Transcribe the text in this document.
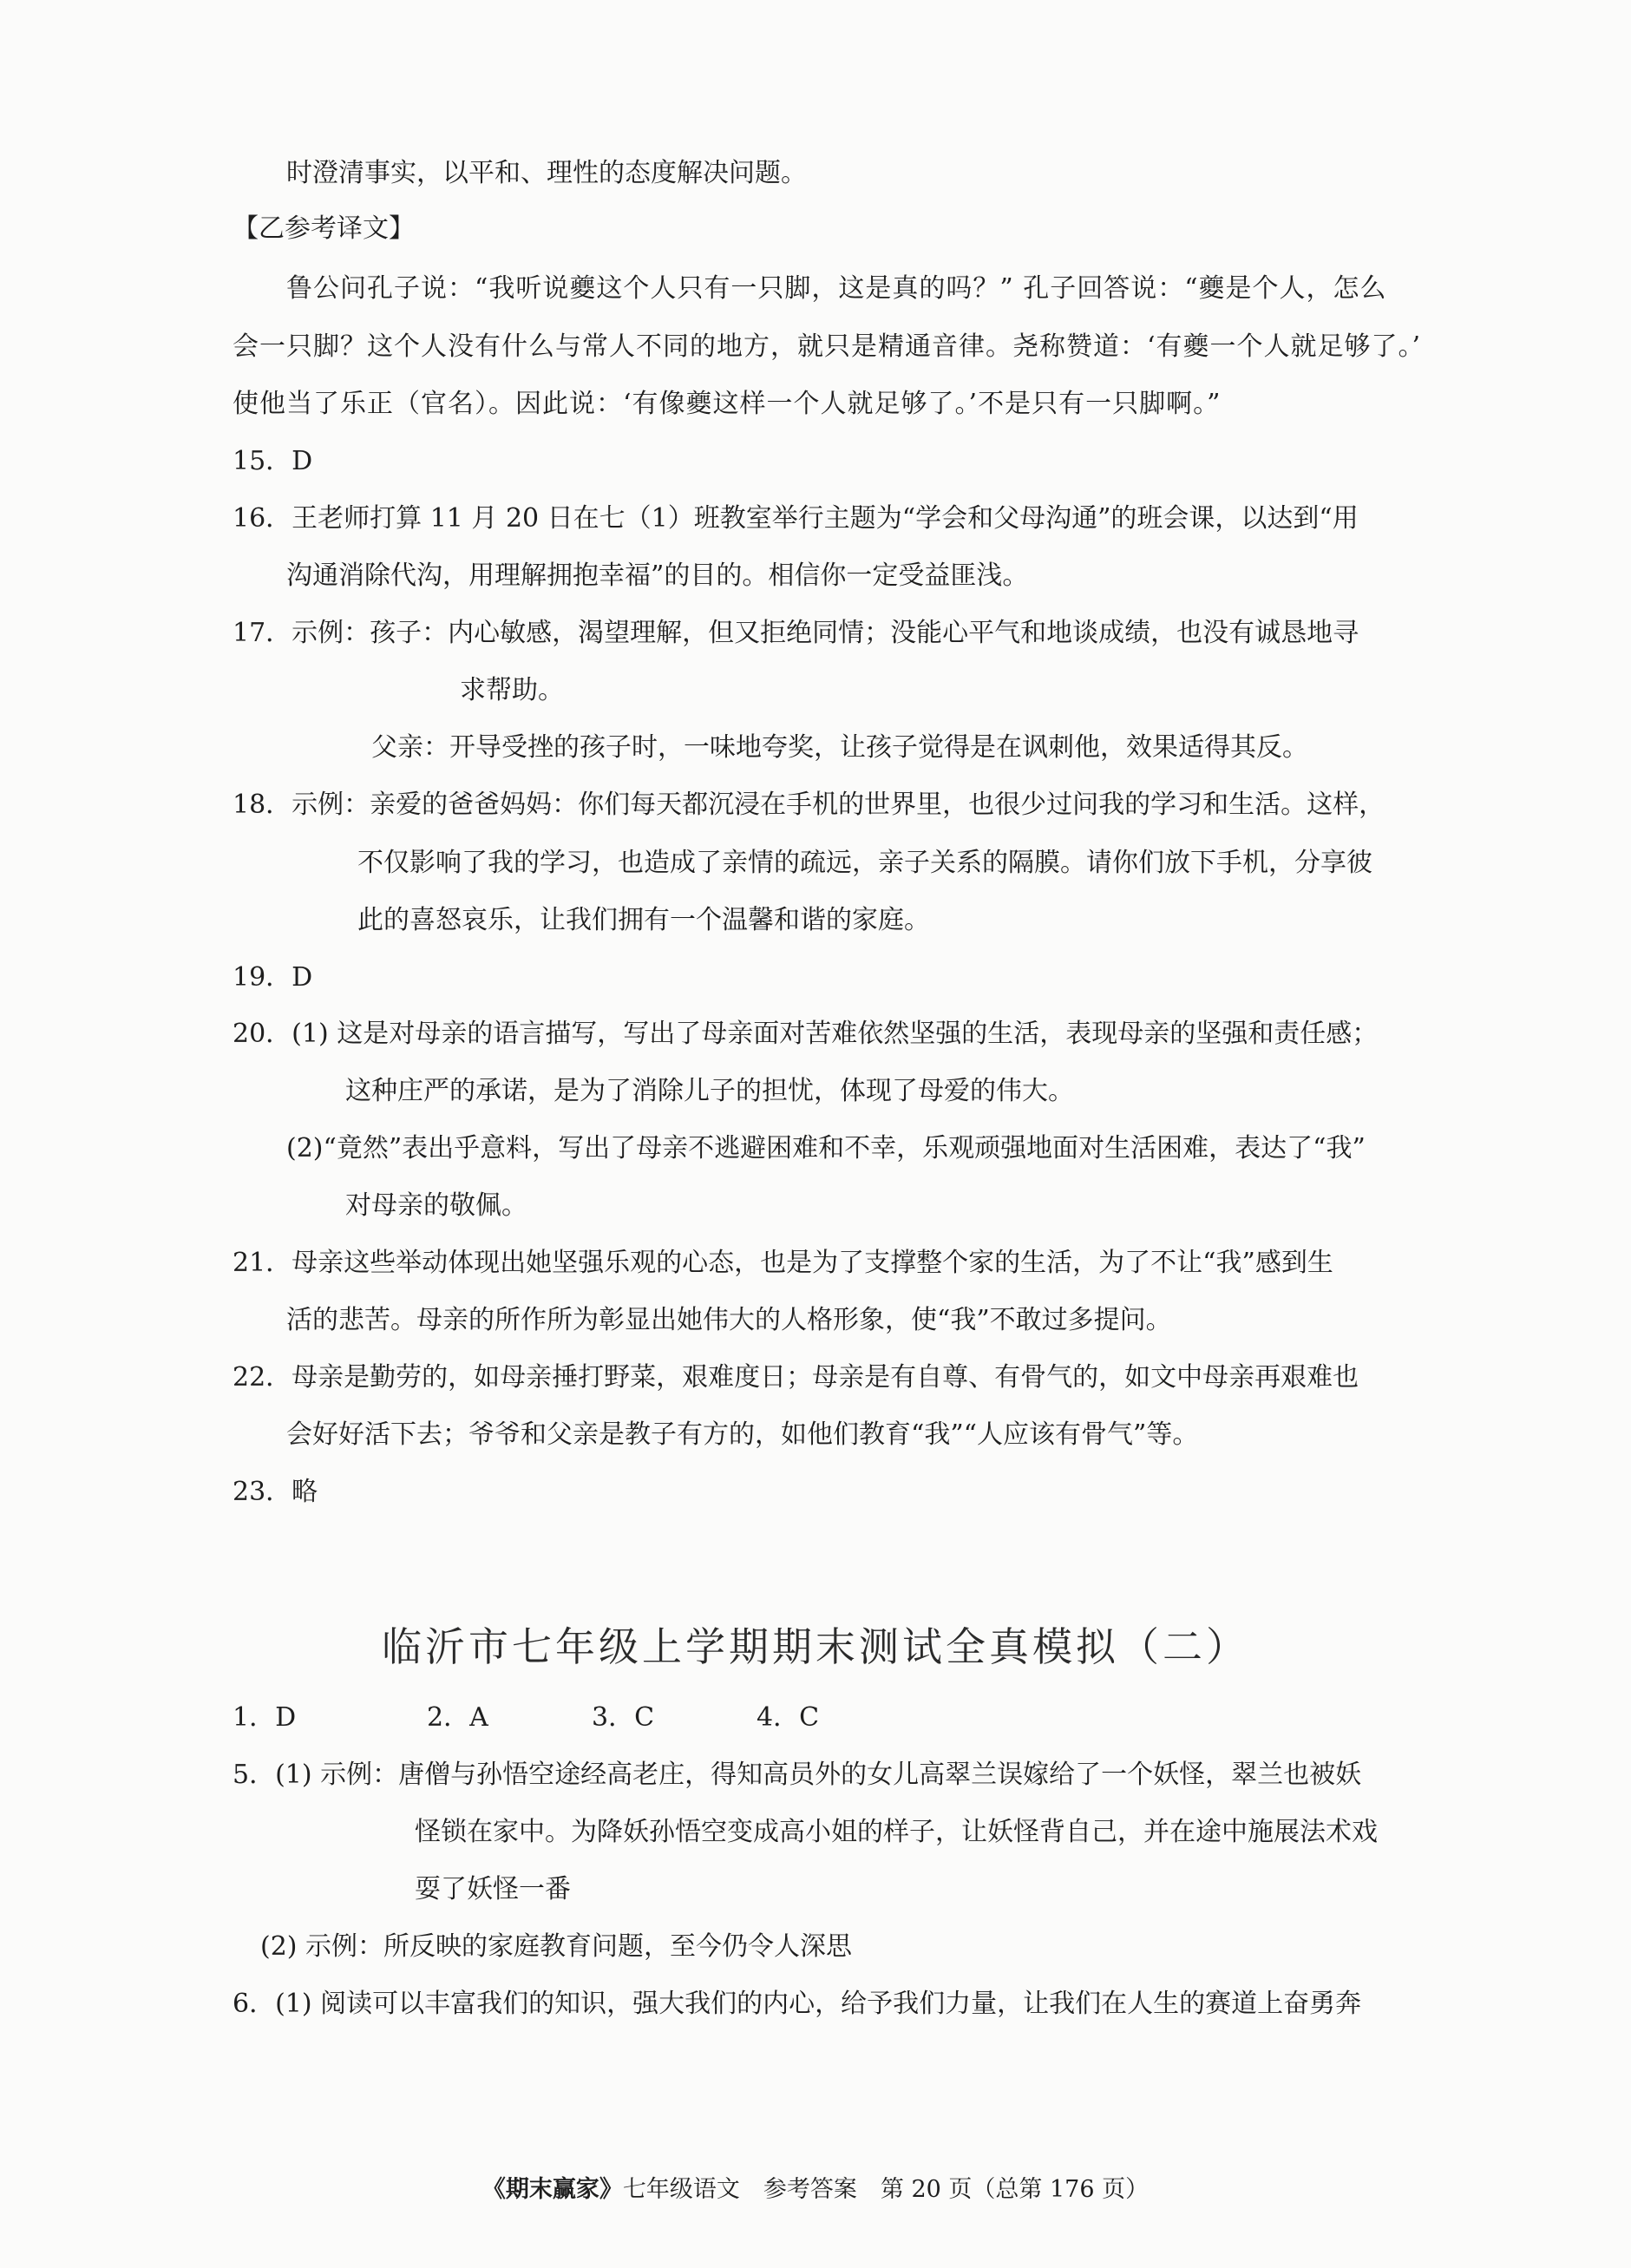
时澄清事实，以平和、理性的态度解决问题。

【乙参考译文】

鲁公问孔子说：“我听说夔这个人只有一只脚，这是真的吗？” 孔子回答说：“夔是个人，怎么

会一只脚？这个人没有什么与常人不同的地方，就只是精通音律。尧称赞道：‘有夔一个人就足够了。’

使他当了乐正（官名）。因此说：‘有像夔这样一个人就足够了。’不是只有一只脚啊。”

15．D

16．王老师打算 11 月 20 日在七（1）班教室举行主题为“学会和父母沟通”的班会课，以达到“用

沟通消除代沟，用理解拥抱幸福”的目的。相信你一定受益匪浅。

17．示例：孩子：内心敏感，渴望理解，但又拒绝同情；没能心平气和地谈成绩，也没有诚恳地寻

求帮助。

父亲：开导受挫的孩子时，一味地夸奖，让孩子觉得是在讽刺他，效果适得其反。

18．示例：亲爱的爸爸妈妈：你们每天都沉浸在手机的世界里，也很少过问我的学习和生活。这样，

不仅影响了我的学习，也造成了亲情的疏远，亲子关系的隔膜。请你们放下手机，分享彼

此的喜怒哀乐，让我们拥有一个温馨和谐的家庭。

19．D

20．(1) 这是对母亲的语言描写，写出了母亲面对苦难依然坚强的生活，表现母亲的坚强和责任感；

这种庄严的承诺，是为了消除儿子的担忧，体现了母爱的伟大。

(2)“竟然”表出乎意料，写出了母亲不逃避困难和不幸，乐观顽强地面对生活困难，表达了“我”

对母亲的敬佩。

21．母亲这些举动体现出她坚强乐观的心态，也是为了支撑整个家的生活，为了不让“我”感到生

活的悲苦。母亲的所作所为彰显出她伟大的人格形象，使“我”不敢过多提问。

22．母亲是勤劳的，如母亲捶打野菜，艰难度日；母亲是有自尊、有骨气的，如文中母亲再艰难也

会好好活下去；爷爷和父亲是教子有方的，如他们教育“我”“人应该有骨气”等。

23．略

临沂市七年级上学期期末测试全真模拟（二）
1．D	2．A	3．C	4．C

5．(1) 示例：唐僧与孙悟空途经高老庄，得知高员外的女儿高翠兰误嫁给了一个妖怪，翠兰也被妖

怪锁在家中。为降妖孙悟空变成高小姐的样子，让妖怪背自己，并在途中施展法术戏

耍了妖怪一番

(2) 示例：所反映的家庭教育问题，至今仍令人深思

6．(1) 阅读可以丰富我们的知识，强大我们的内心，给予我们力量，让我们在人生的赛道上奋勇奔

《期末赢家》七年级语文　参考答案　第 20 页（总第 176 页）
